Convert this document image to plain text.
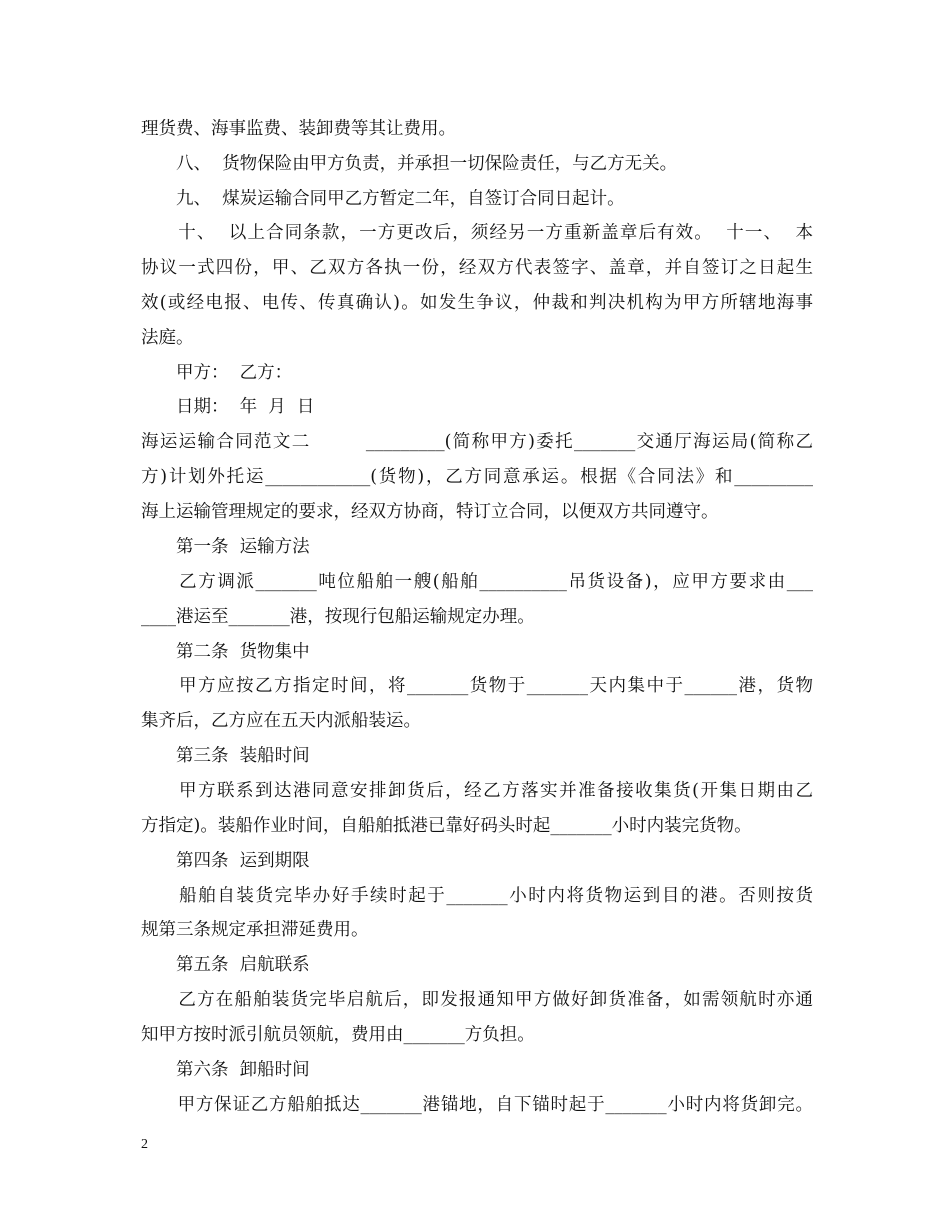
理货费、海事监费、装卸费等其让费用。
　　八、  货物保险由甲方负责，并承担一切保险责任，与乙方无关。
　　九、  煤炭运输合同甲乙方暂定二年，自签订合同日起计。
　　十、  以上合同条款，一方更改后，须经另一方重新盖章后有效。  十一、  本
协议一式四份，甲、乙双方各执一份，经双方代表签字、盖章，并自签订之日起生
效(或经电报、电传、传真确认)。如发生争议，仲裁和判决机构为甲方所辖地海事
法庭。
　　甲方：  乙方：
　　日期：  年  月  日
海运运输合同范文二        _________(简称甲方)委托_______交通厅海运局(简称乙
方)计划外托运____________(货物)，乙方同意承运。根据《合同法》和_________
海上运输管理规定的要求，经双方协商，特订立合同，以便双方共同遵守。
　　第一条  运输方法
　　乙方调派_______吨位船舶一艘(船舶__________吊货设备)，应甲方要求由___
____港运至_______港，按现行包船运输规定办理。
　　第二条  货物集中
　　甲方应按乙方指定时间，将_______货物于_______天内集中于______港，货物
集齐后，乙方应在五天内派船装运。
　　第三条  装船时间
　　甲方联系到达港同意安排卸货后，经乙方落实并准备接收集货(开集日期由乙
方指定)。装船作业时间，自船舶抵港已靠好码头时起_______小时内装完货物。
　　第四条  运到期限
　　船舶自装货完毕办好手续时起于_______小时内将货物运到目的港。否则按货
规第三条规定承担滞延费用。
　　第五条  启航联系
　　乙方在船舶装货完毕启航后，即发报通知甲方做好卸货准备，如需领航时亦通
知甲方按时派引航员领航，费用由_______方负担。
　　第六条  卸船时间
　　甲方保证乙方船舶抵达_______港锚地，自下锚时起于_______小时内将货卸完。
2
